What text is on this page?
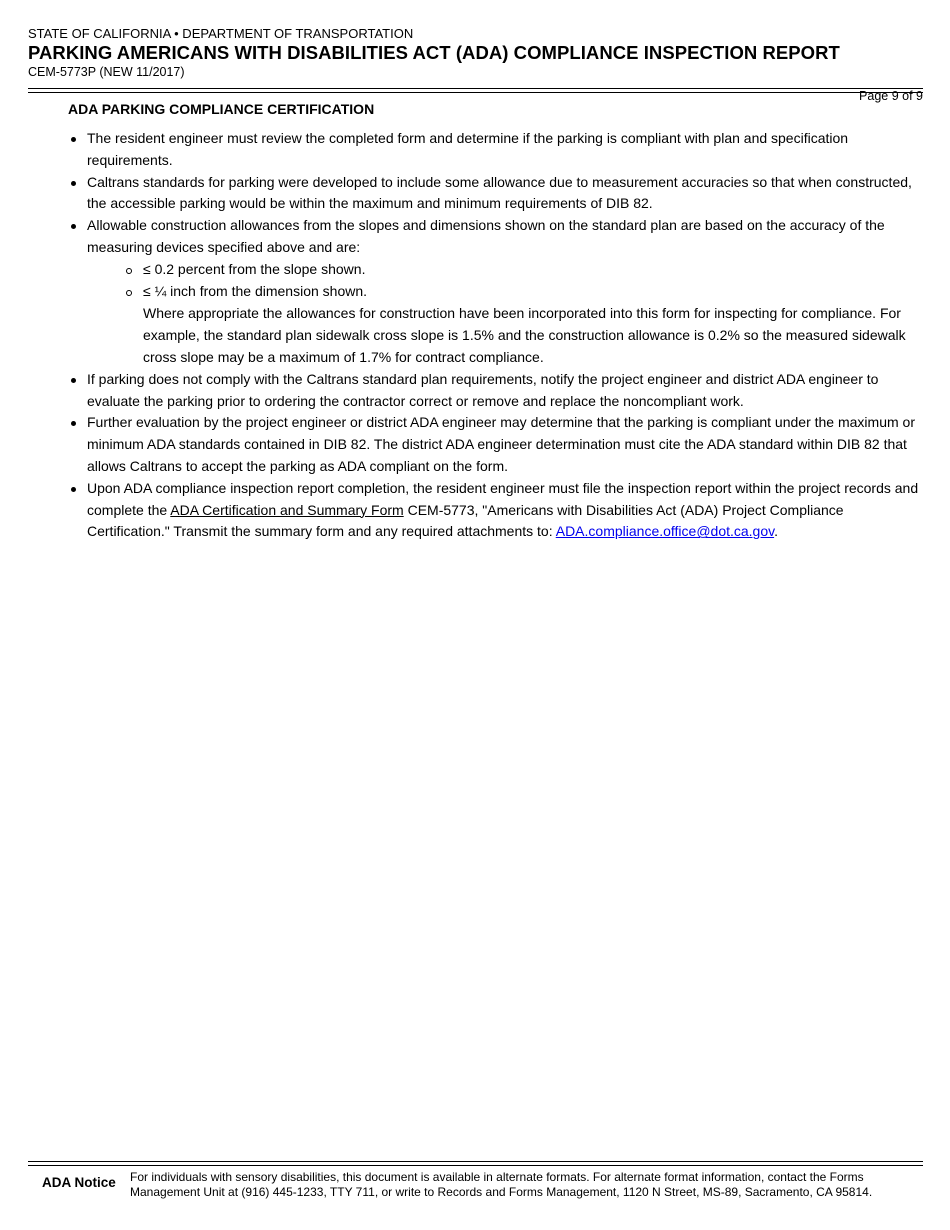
STATE OF CALIFORNIA • DEPARTMENT OF TRANSPORTATION
PARKING AMERICANS WITH DISABILITIES ACT (ADA) COMPLIANCE INSPECTION REPORT
CEM-5773P (NEW 11/2017)
Page 9 of 9
ADA PARKING COMPLIANCE CERTIFICATION
The resident engineer must review the completed form and determine if the parking is compliant with plan and specification requirements.
Caltrans standards for parking were developed to include some allowance due to measurement accuracies so that when constructed, the accessible parking would be within the maximum and minimum requirements of DIB 82.
Allowable construction allowances from the slopes and dimensions shown on the standard plan are based on the accuracy of the measuring devices specified above and are:
≤ 0.2 percent from the slope shown.
≤ ¼ inch from the dimension shown.
Where appropriate the allowances for construction have been incorporated into this form for inspecting for compliance. For example, the standard plan sidewalk cross slope is 1.5% and the construction allowance is 0.2% so the measured sidewalk cross slope may be a maximum of 1.7% for contract compliance.
If parking does not comply with the Caltrans standard plan requirements, notify the project engineer and district ADA engineer to evaluate the parking prior to ordering the contractor correct or remove and replace the noncompliant work.
Further evaluation by the project engineer or district ADA engineer may determine that the parking is compliant under the maximum or minimum ADA standards contained in DIB 82. The district ADA engineer determination must cite the ADA standard within DIB 82 that allows Caltrans to accept the parking as ADA compliant on the form.
Upon ADA compliance inspection report completion, the resident engineer must file the inspection report within the project records and complete the ADA Certification and Summary Form CEM-5773, "Americans with Disabilities Act (ADA) Project Compliance Certification." Transmit the summary form and any required attachments to: ADA.compliance.office@dot.ca.gov.
ADA Notice For individuals with sensory disabilities, this document is available in alternate formats. For alternate format information, contact the Forms Management Unit at (916) 445-1233, TTY 711, or write to Records and Forms Management, 1120 N Street, MS-89, Sacramento, CA 95814.
